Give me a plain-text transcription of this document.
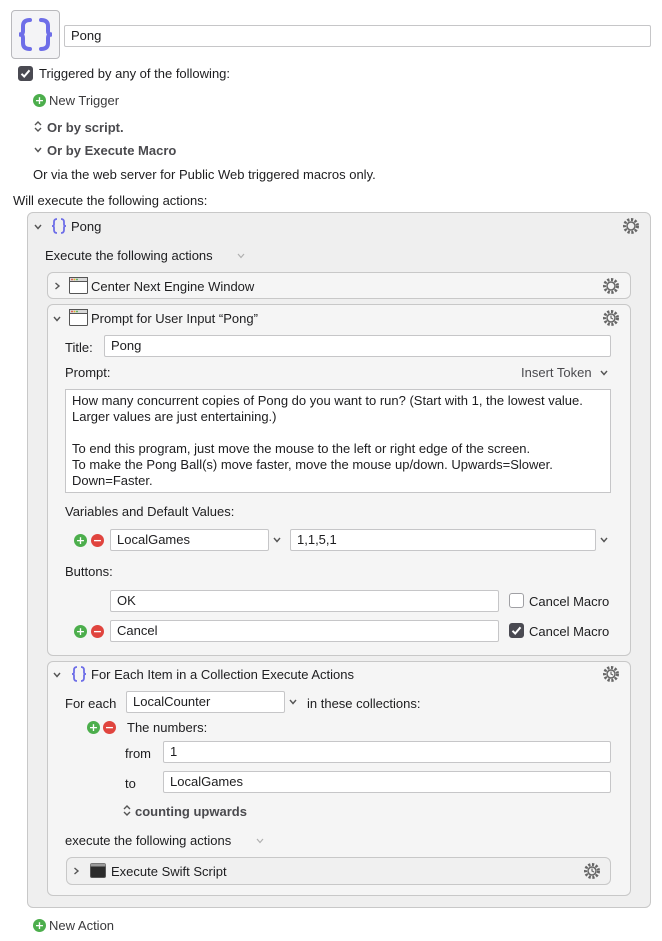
Pong
Triggered by any of the following:
+ New Trigger
Or by script.
Or by Execute Macro
Or via the web server for Public Web triggered macros only.
Will execute the following actions:
Pong
Execute the following actions
Center Next Engine Window
Prompt for User Input “Pong”
Title:	Pong
Prompt:	Insert Token
How many concurrent copies of Pong do you want to run? (Start with 1, the lowest value.
Larger values are just entertaining.)
To end this program, just move the mouse to the left or right edge of the screen.
To make the Pong Ball(s) move faster, move the mouse up/down. Upwards=Slower.
Down=Faster.
Variables and Default Values:
+ − LocalGames	1,1,5,1
Buttons:
OK	Cancel Macro
+ −	Cancel	Cancel Macro
For Each Item in a Collection Execute Actions
For each LocalCounter	in these collections:
+ − The numbers:
from	1
to	LocalGames
counting upwards
execute the following actions
Execute Swift Script
+ New Action
